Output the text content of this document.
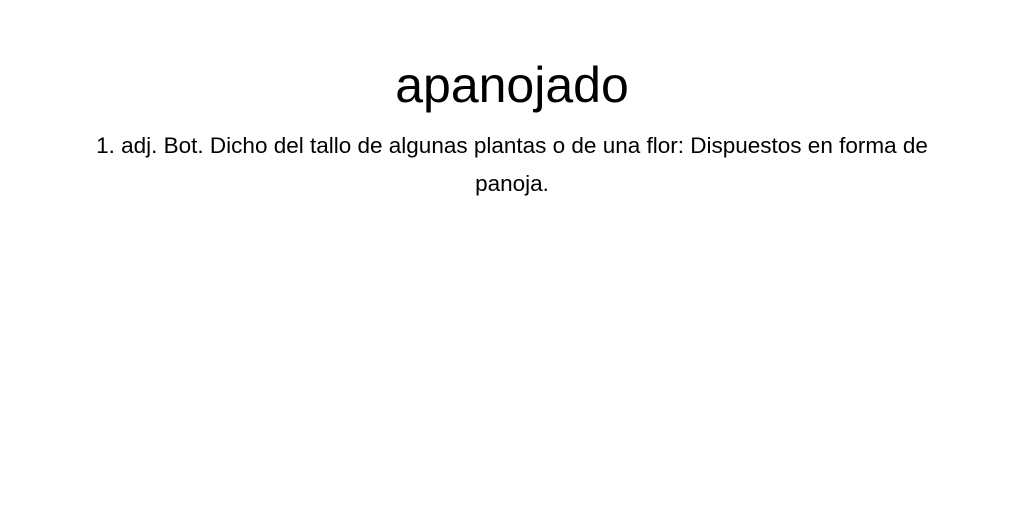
apanojado

1. adj. Bot. Dicho del tallo de algunas plantas o de una flor: Dispuestos en forma de panoja.
